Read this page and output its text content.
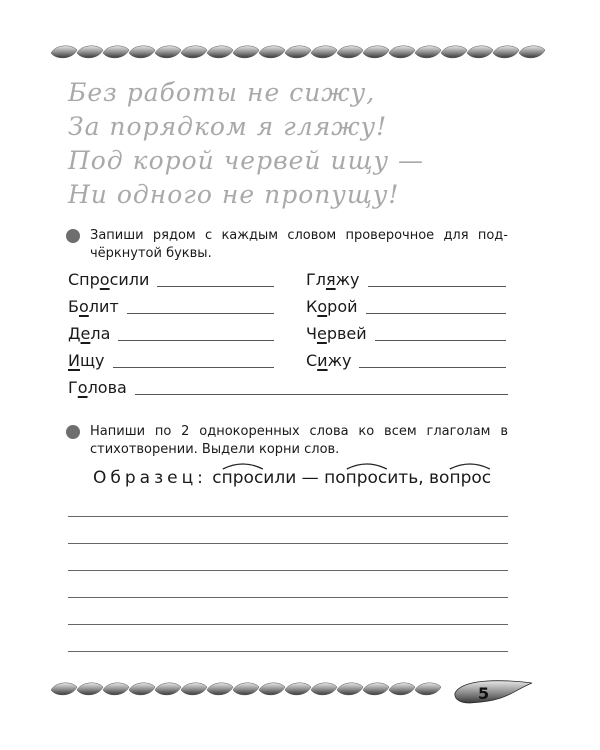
Без работы не сижу,
За порядком я гляжу!
Под корой червей ищу —
Ни одного не пропущу!
Запиши рядом с каждым словом проверочное для подчёркнутой буквы.
Спросили	Гляжу
Болит	Корой
Дела	Червей
Ищу	Сижу
Голова
Напиши по 2 однокоренных слова ко всем глаголам в стихотворении. Выдели корни слов.
Образец: с
просили — по
просить, во
прос
5
